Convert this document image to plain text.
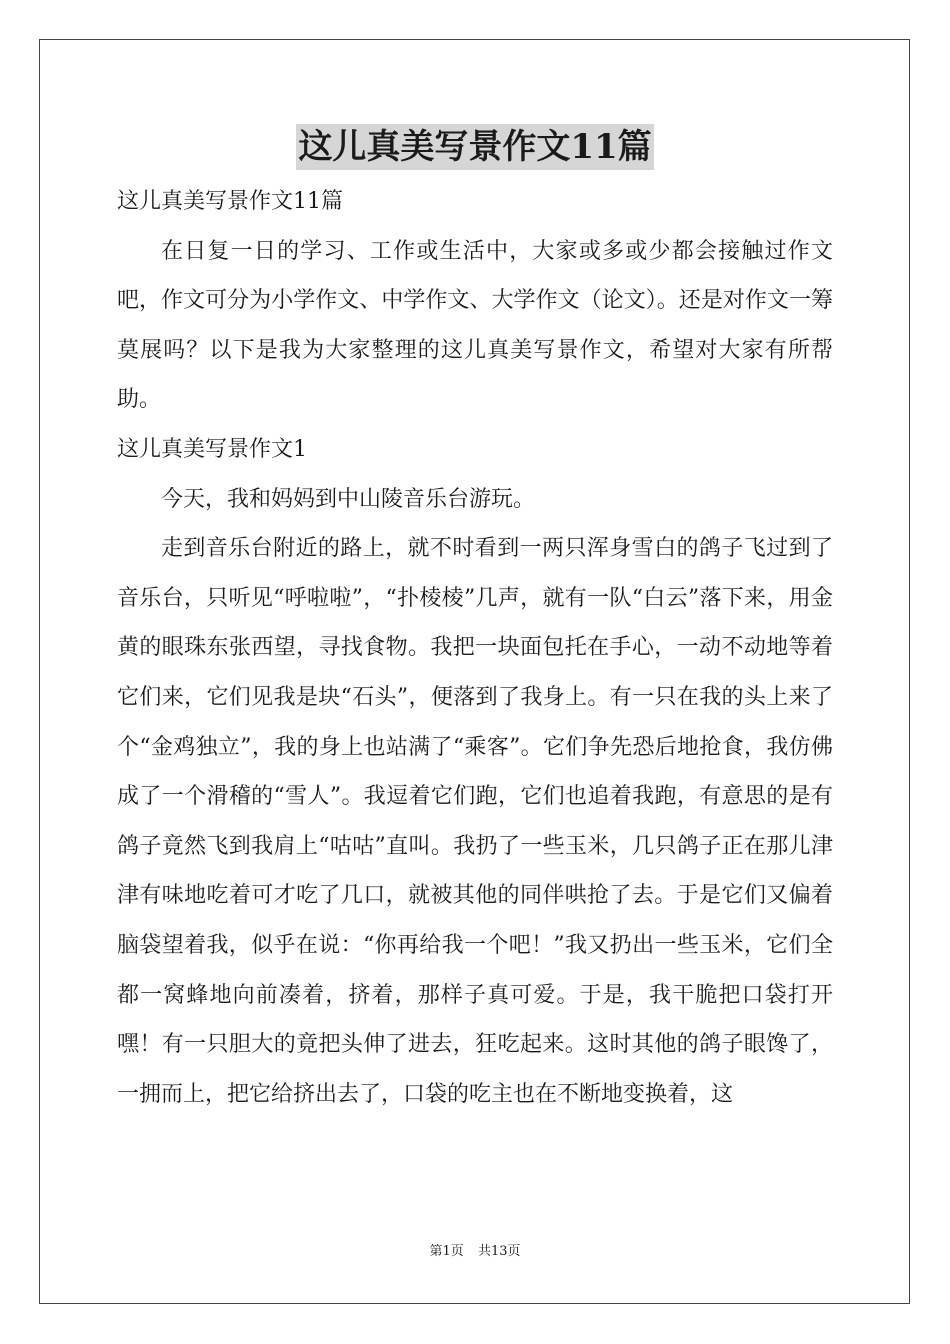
这儿真美写景作文11篇

这儿真美写景作文11篇

在日复一日的学习、工作或生活中，大家或多或少都会接触过作文吧，作文可分为小学作文、中学作文、大学作文（论文）。还是对作文一筹莫展吗？以下是我为大家整理的这儿真美写景作文，希望对大家有所帮助。

这儿真美写景作文1

今天，我和妈妈到中山陵音乐台游玩。

走到音乐台附近的路上，就不时看到一两只浑身雪白的鸽子飞过到了音乐台，只听见“呼啦啦”，“扑棱棱”几声，就有一队“白云”落下来，用金黄的眼珠东张西望，寻找食物。我把一块面包托在手心，一动不动地等着它们来，它们见我是块“石头”，便落到了我身上。有一只在我的头上来了个“金鸡独立”，我的身上也站满了“乘客”。它们争先恐后地抢食，我仿佛成了一个滑稽的“雪人”。我逗着它们跑，它们也追着我跑，有意思的是有鸽子竟然飞到我肩上“咕咕”直叫。我扔了一些玉米，几只鸽子正在那儿津津有味地吃着可才吃了几口，就被其他的同伴哄抢了去。于是它们又偏着脑袋望着我，似乎在说：“你再给我一个吧！”我又扔出一些玉米，它们全都一窝蜂地向前凑着，挤着，那样子真可爱。于是，我干脆把口袋打开嘿！有一只胆大的竟把头伸了进去，狂吃起来。这时其他的鸽子眼馋了，一拥而上，把它给挤出去了，口袋的吃主也在不断地变换着，这

第1页 共13页
